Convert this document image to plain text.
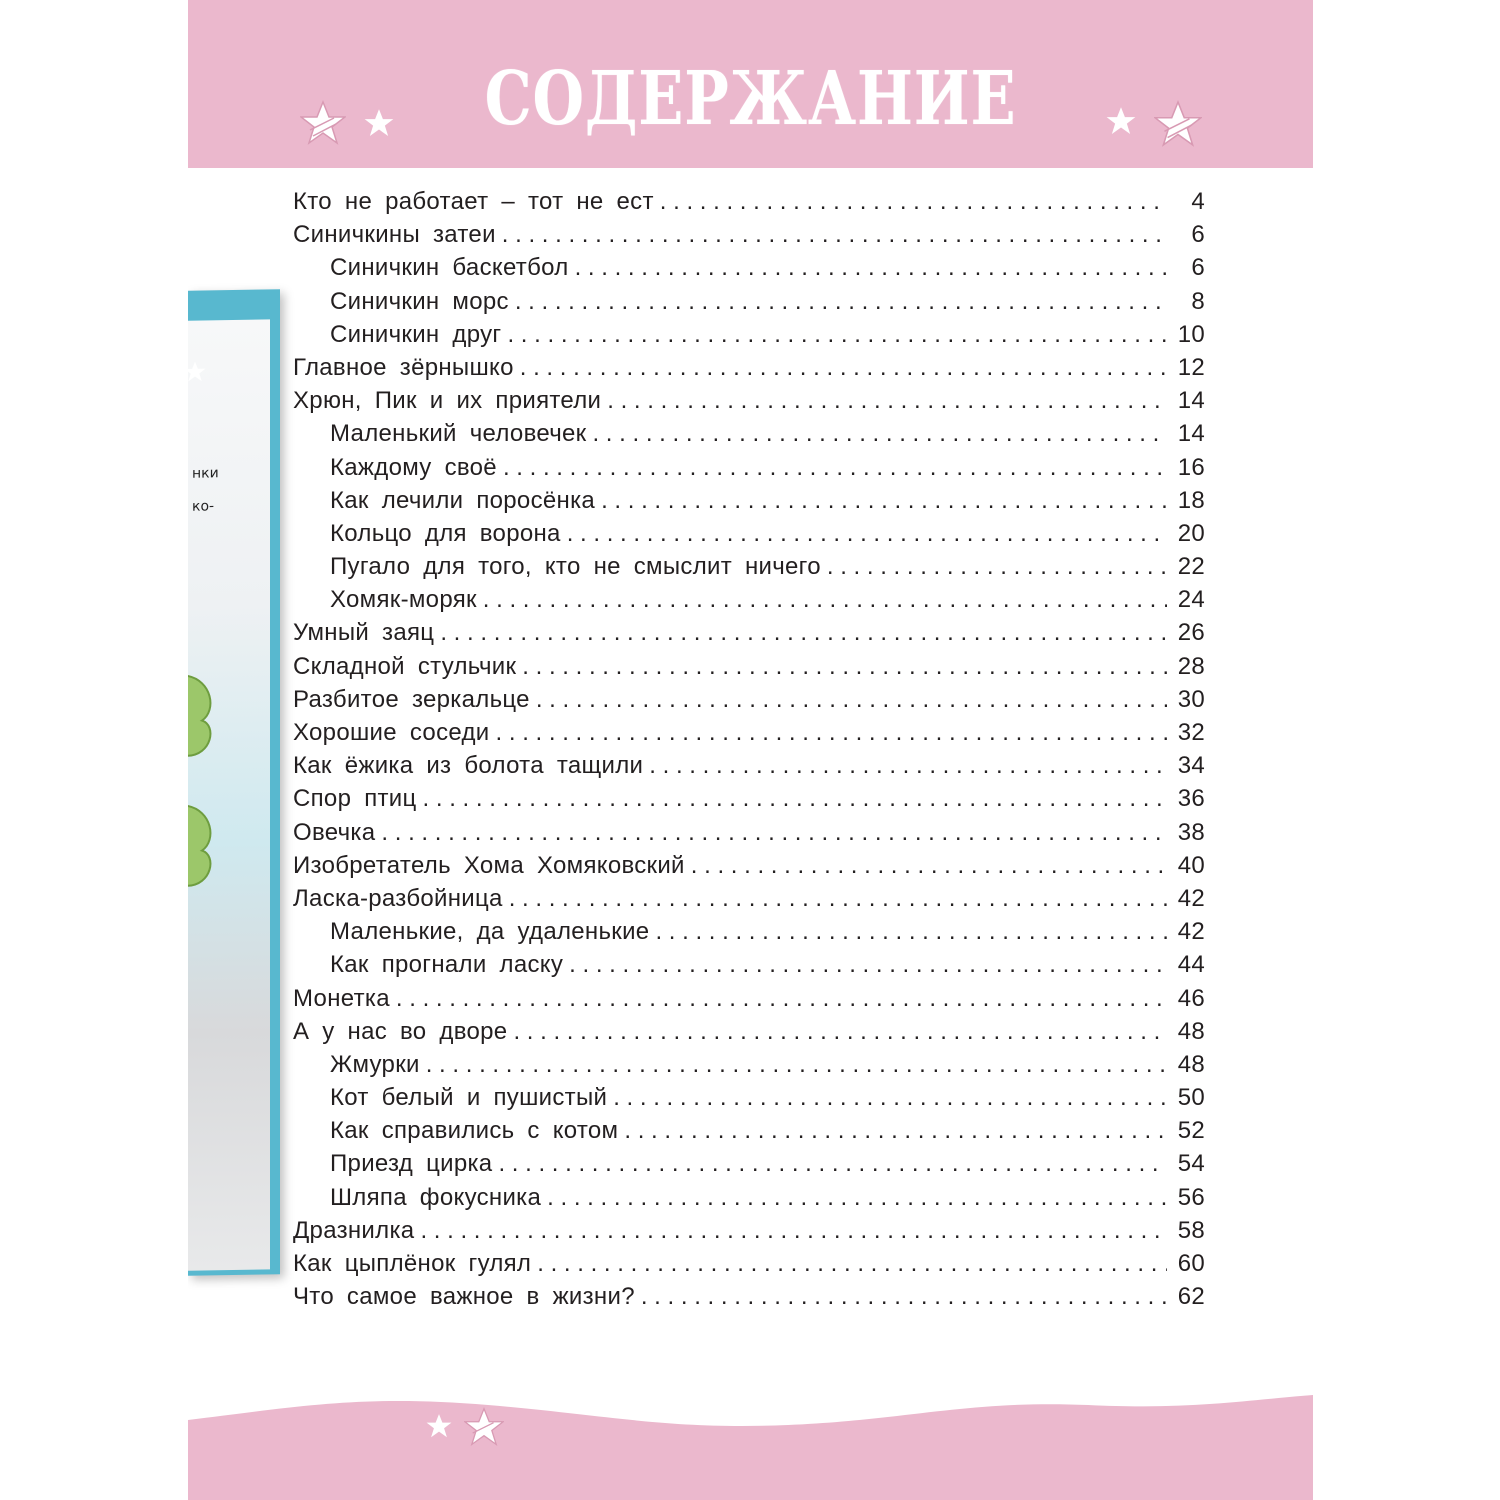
СОДЕРЖАНИЕ
нки
ко-
Кто не работает – тот не ест . . .	4
Синичкины затеи . . .	6
Синичкин баскетбол . . .	6
Синичкин морс . . .	8
Синичкин друг . . .	10
Главное зёрнышко . . .	12
Хрюн, Пик и их приятели . . .	14
Маленький человечек . . .	14
Каждому своё . . .	16
Как лечили поросёнка . . .	18
Кольцо для ворона . . .	20
Пугало для того, кто не смыслит ничего . . .	22
Хомяк-моряк . . .	24
Умный заяц . . .	26
Складной стульчик . . .	28
Разбитое зеркальце . . .	30
Хорошие соседи . . .	32
Как ёжика из болота тащили . . .	34
Спор птиц . . .	36
Овечка . . .	38
Изобретатель Хома Хомяковский . . .	40
Ласка-разбойница . . .	42
Маленькие, да удаленькие . . .	42
Как прогнали ласку . . .	44
Монетка . . .	46
А у нас во дворе . . .	48
Жмурки . . .	48
Кот белый и пушистый . . .	50
Как справились с котом . . .	52
Приезд цирка . . .	54
Шляпа фокусника . . .	56
Дразнилка . . .	58
Как цыплёнок гулял . . .	60
Что самое важное в жизни? . . .	62
